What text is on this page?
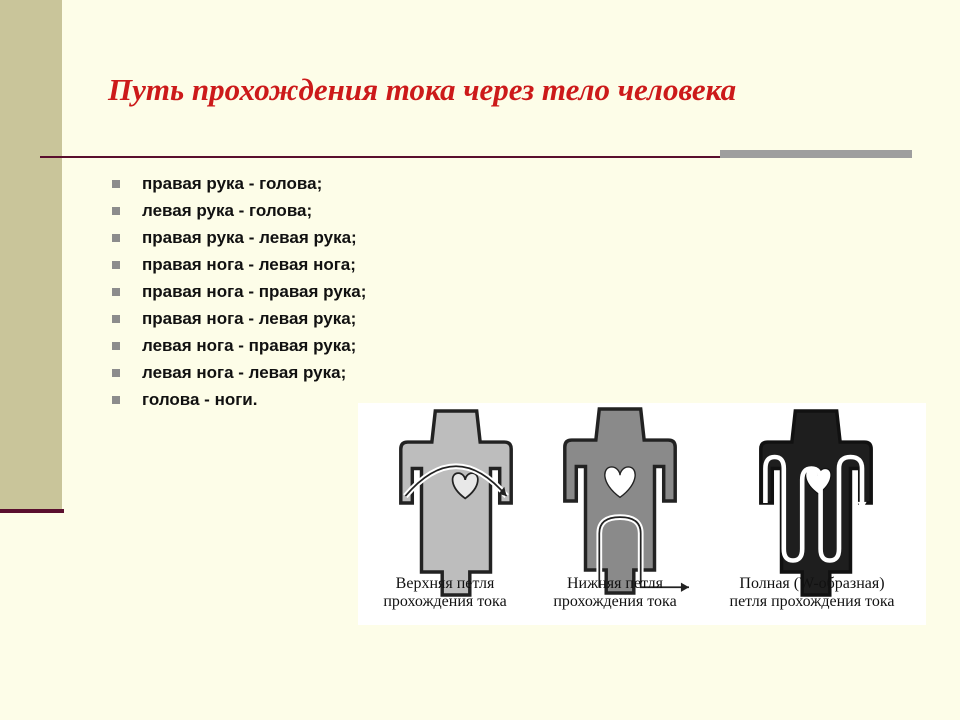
Путь прохождения тока через тело человека
правая рука - голова;
левая рука - голова;
правая рука - левая рука;
правая нога - левая нога;
правая нога - правая рука;
правая нога - левая рука;
левая нога - правая рука;
левая нога - левая рука;
голова - ноги.
Верхняя петля
прохождения тока
Нижняя петля
прохождения тока
Полная (W-образная)
петля прохождения тока
